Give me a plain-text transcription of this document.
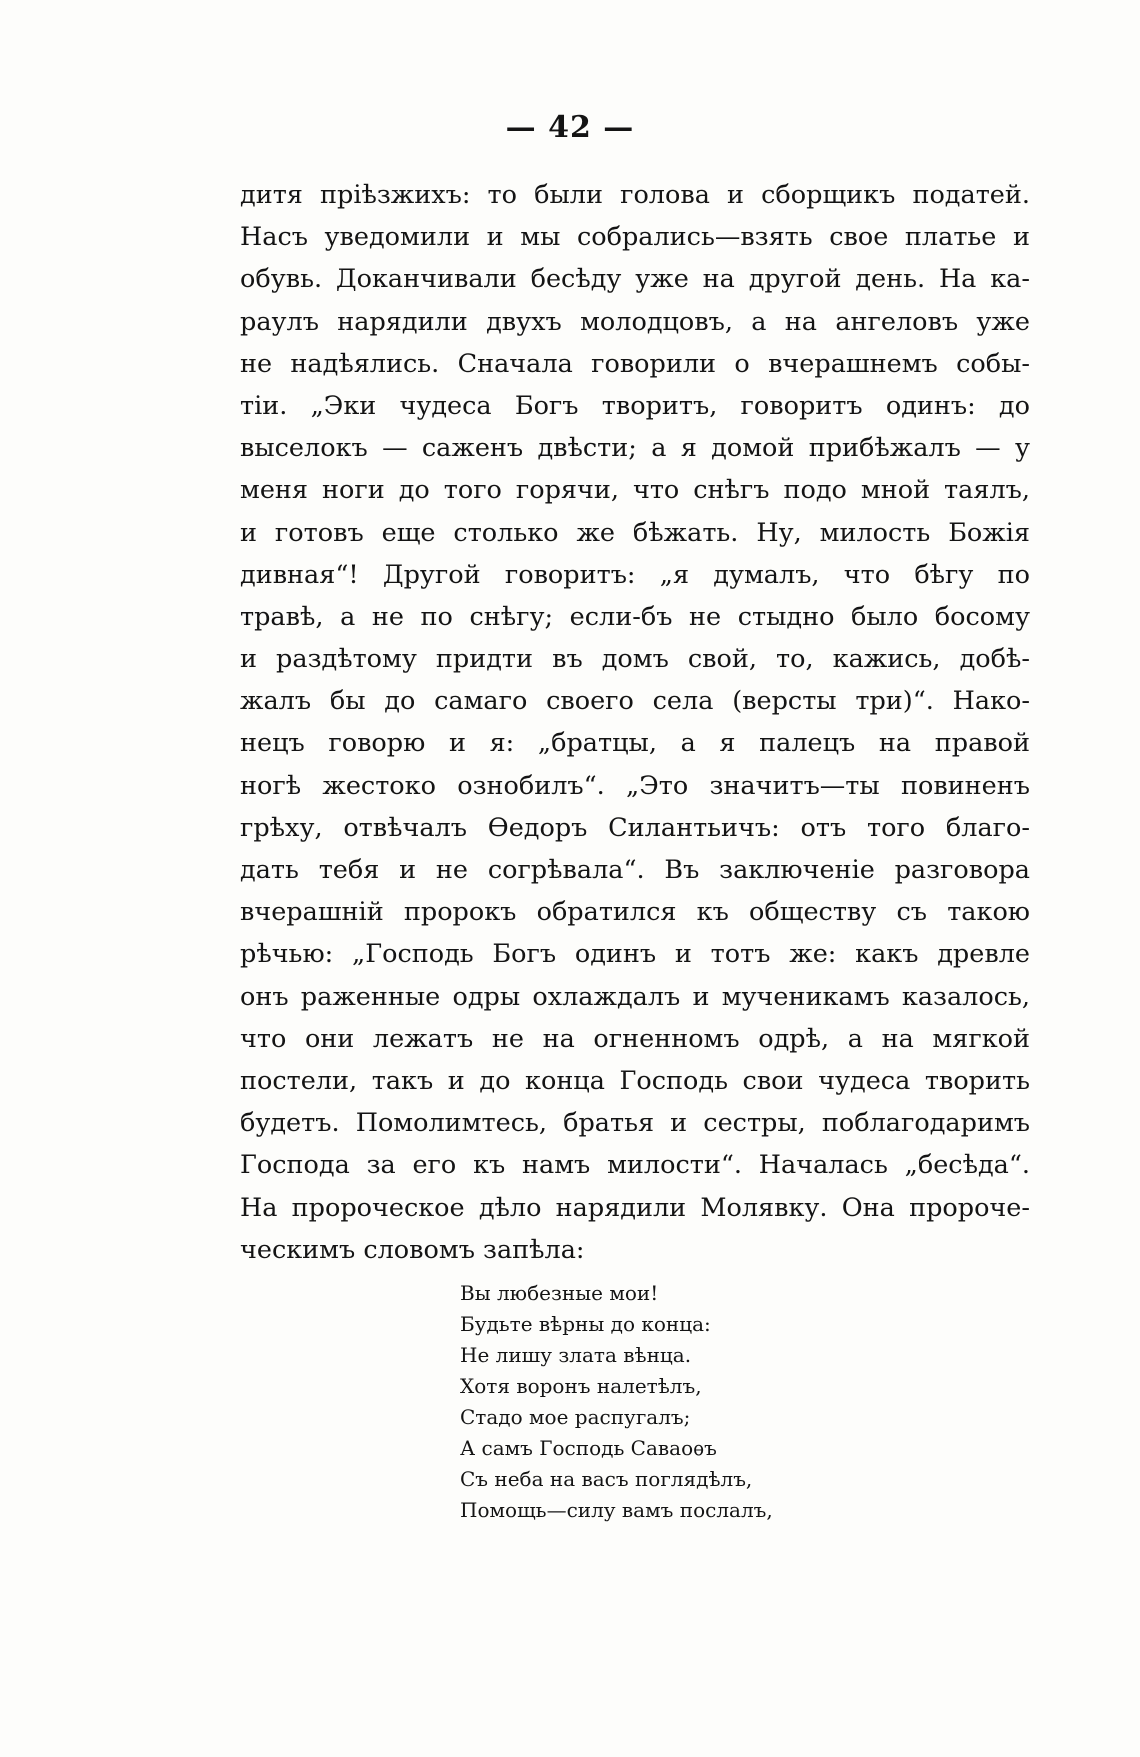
— 42 —
дитя пріѣзжихъ: то были голова и сборщикъ податей.
Насъ уведомили и мы собрались—взять свое платье и
обувь. Доканчивали бесѣду уже на другой день. На ка-
раулъ нарядили двухъ молодцовъ, а на ангеловъ уже
не надѣялись. Сначала говорили о вчерашнемъ собы-
тіи. „Эки чудеса Богъ творитъ, говоритъ одинъ: до
выселокъ — саженъ двѣсти; а я домой прибѣжалъ — у
меня ноги до того горячи, что снѣгъ подо мной таялъ,
и готовъ еще столько же бѣжать. Ну, милость Божія
дивная“! Другой говоритъ: „я думалъ, что бѣгу по
травѣ, а не по снѣгу; если-бъ не стыдно было босому
и раздѣтому придти въ домъ свой, то, кажись, добѣ-
жалъ бы до самаго своего села (версты три)“. Нако-
нецъ говорю и я: „братцы, а я палецъ на правой
ногѣ жестоко ознобилъ“. „Это значитъ—ты повиненъ
грѣху, отвѣчалъ Ѳедоръ Силантьичъ: отъ того благо-
дать тебя и не согрѣвала“. Въ заключеніе разговора
вчерашній пророкъ обратился къ обществу съ такою
рѣчью: „Господь Богъ одинъ и тотъ же: какъ древле
онъ раженные одры охлаждалъ и мученикамъ казалось,
что они лежатъ не на огненномъ одрѣ, а на мягкой
постели, такъ и до конца Господь свои чудеса творить
будетъ. Помолимтесь, братья и сестры, поблагодаримъ
Господа за его къ намъ милости“. Началась „бесѣда“.
На пророческое дѣло нарядили Молявку. Она пророче-
ческимъ словомъ запѣла:
Вы любезные мои!
Будьте вѣрны до конца:
Не лишу злата вѣнца.
Хотя воронъ налетѣлъ,
Стадо мое распугалъ;
А самъ Господь Саваоѳъ
Съ неба на васъ поглядѣлъ,
Помощь—силу вамъ послалъ,
